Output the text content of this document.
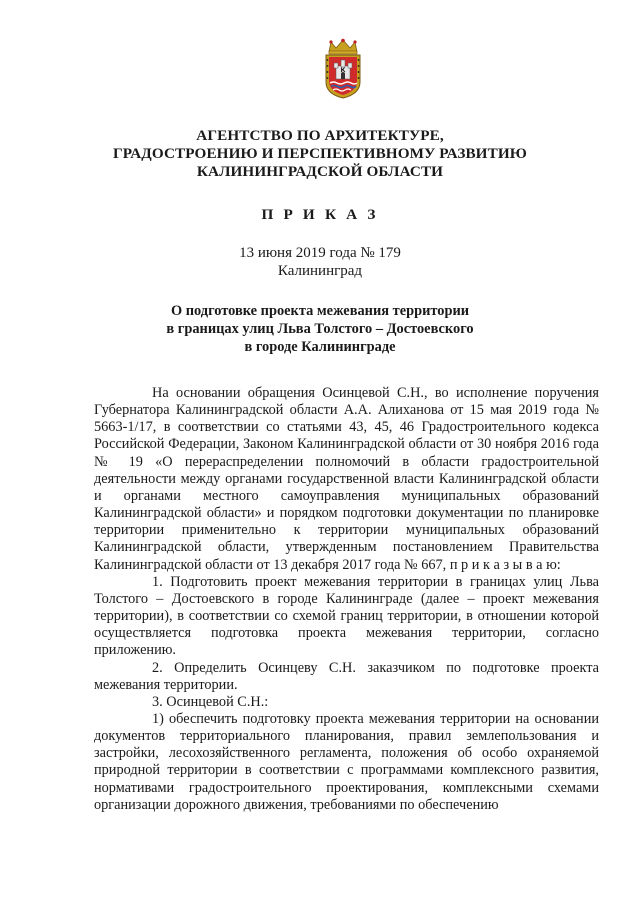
К
АГЕНТСТВО ПО АРХИТЕКТУРЕ,
ГРАДОСТРОЕНИЮ И ПЕРСПЕКТИВНОМУ РАЗВИТИЮ
КАЛИНИНГРАДСКОЙ ОБЛАСТИ
П Р И К А З
13 июня 2019 года № 179
Калининград
О подготовке проекта межевания территории
в границах улиц Льва Толстого – Достоевского
в городе Калининграде

На основании обращения Осинцевой С.Н., во исполнение поручения Губернатора Калининградской области А.А. Алиханова от 15 мая 2019 года № 5663-1/17, в соответствии со статьями 43, 45, 46 Градостроительного кодекса Российской Федерации, Законом Калининградской области от 30 ноября 2016 года № 19 «О перераспределении полномочий в области градостроительной деятельности между органами государственной власти Калининградской области и органами местного самоуправления муниципальных образований Калининградской области» и порядком подготовки документации по планировке территории применительно к территории муниципальных образований Калининградской области, утвержденным постановлением Правительства Калининградской области от 13 декабря 2017 года № 667, п р и к а з ы в а ю:

1. Подготовить проект межевания территории в границах улиц Льва Толстого – Достоевского в городе Калининграде (далее – проект межевания территории), в соответствии со схемой границ территории, в отношении которой осуществляется подготовка проекта межевания территории, согласно приложению.

2. Определить Осинцеву С.Н. заказчиком по подготовке проекта межевания территории.

3. Осинцевой С.Н.:

1) обеспечить подготовку проекта межевания территории на основании документов территориального планирования, правил землепользования и застройки, лесохозяйственного регламента, положения об особо охраняемой природной территории в соответствии с программами комплексного развития, нормативами градостроительного проектирования, комплексными схемами организации дорожного движения, требованиями по обеспечению
